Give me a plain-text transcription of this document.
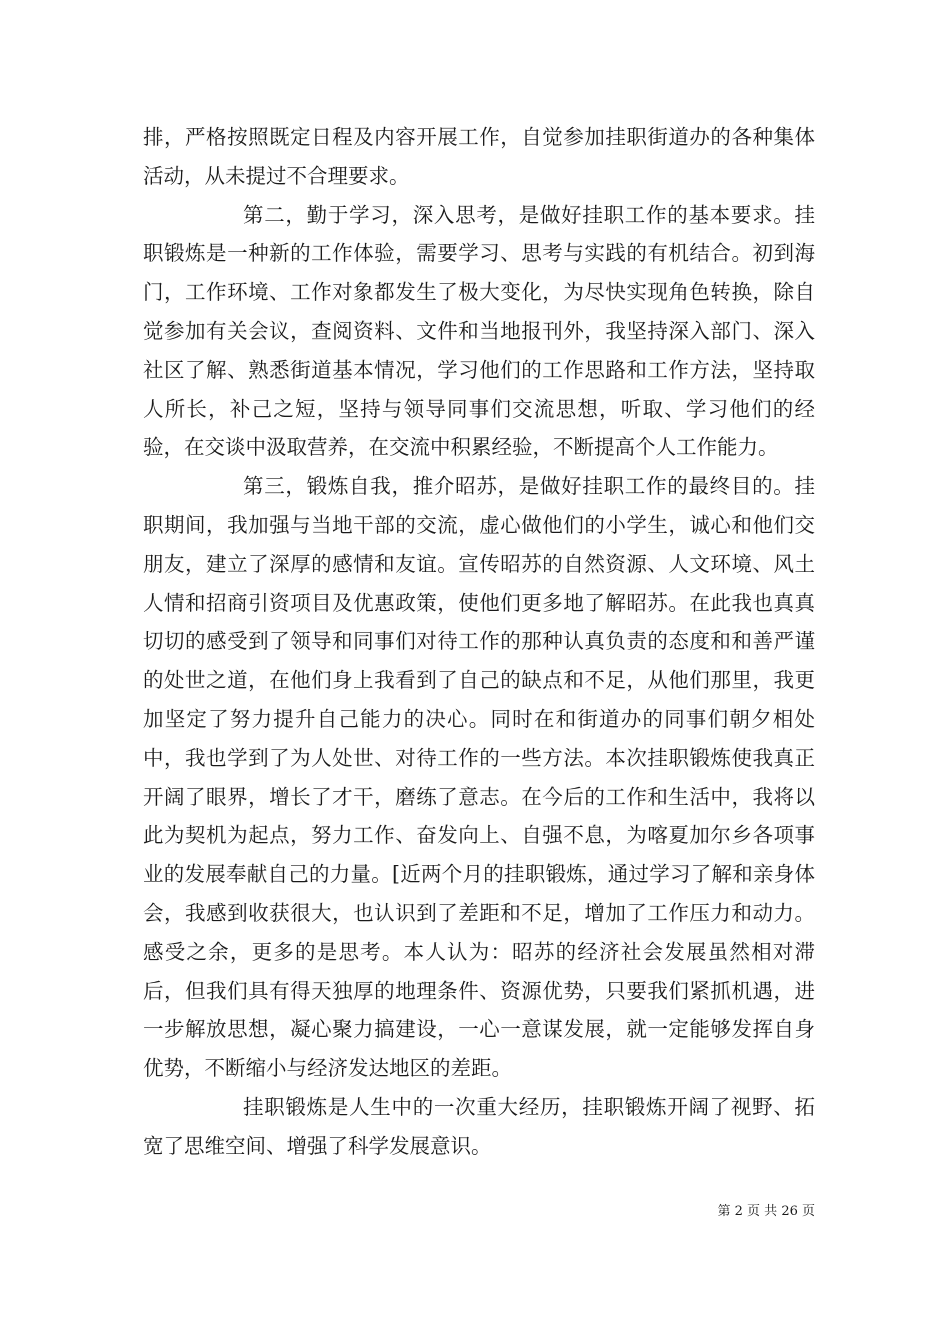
排，严格按照既定日程及内容开展工作，自觉参加挂职街道办的各种集体活动，从未提过不合理要求。

第二，勤于学习，深入思考，是做好挂职工作的基本要求。挂职锻炼是一种新的工作体验，需要学习、思考与实践的有机结合。初到海门，工作环境、工作对象都发生了极大变化，为尽快实现角色转换，除自觉参加有关会议，查阅资料、文件和当地报刊外，我坚持深入部门、深入社区了解、熟悉街道基本情况，学习他们的工作思路和工作方法，坚持取人所长，补己之短，坚持与领导同事们交流思想，听取、学习他们的经验，在交谈中汲取营养，在交流中积累经验，不断提高个人工作能力。

第三，锻炼自我，推介昭苏，是做好挂职工作的最终目的。挂职期间，我加强与当地干部的交流，虚心做他们的小学生，诚心和他们交朋友，建立了深厚的感情和友谊。宣传昭苏的自然资源、人文环境、风土人情和招商引资项目及优惠政策，使他们更多地了解昭苏。在此我也真真切切的感受到了领导和同事们对待工作的那种认真负责的态度和和善严谨的处世之道，在他们身上我看到了自己的缺点和不足，从他们那里，我更加坚定了努力提升自己能力的决心。同时在和街道办的同事们朝夕相处中，我也学到了为人处世、对待工作的一些方法。本次挂职锻炼使我真正开阔了眼界，增长了才干，磨练了意志。在今后的工作和生活中，我将以此为契机为起点，努力工作、奋发向上、自强不息，为喀夏加尔乡各项事业的发展奉献自己的力量。[近两个月的挂职锻炼，通过学习了解和亲身体会，我感到收获很大，也认识到了差距和不足，增加了工作压力和动力。感受之余，更多的是思考。本人认为：昭苏的经济社会发展虽然相对滞后，但我们具有得天独厚的地理条件、资源优势，只要我们紧抓机遇，进一步解放思想，凝心聚力搞建设，一心一意谋发展，就一定能够发挥自身优势，不断缩小与经济发达地区的差距。

挂职锻炼是人生中的一次重大经历，挂职锻炼开阔了视野、拓宽了思维空间、增强了科学发展意识。

第 2 页 共 26 页
